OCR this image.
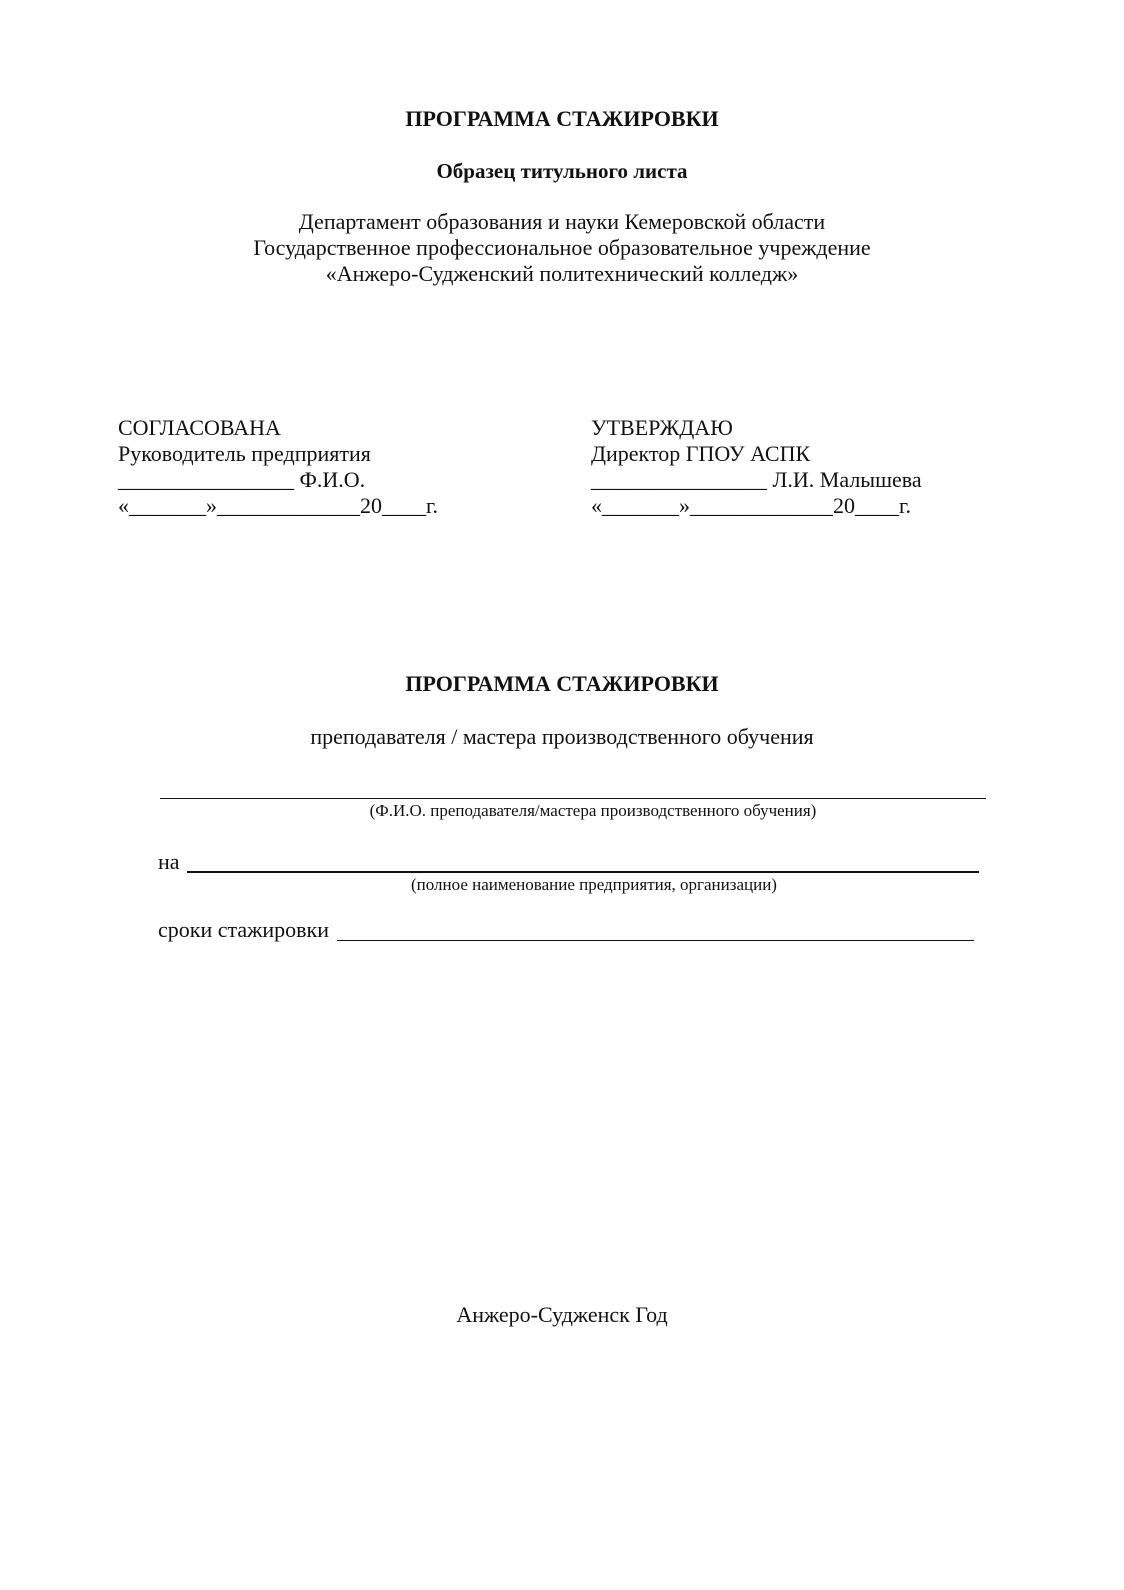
ПРОГРАММА СТАЖИРОВКИ
Образец титульного листа
Департамент образования и науки Кемеровской области
Государственное профессиональное образовательное учреждение
«Анжеро-Судженский политехнический колледж»
СОГЛАСОВАНА
Руководитель предприятия
________________ Ф.И.О.
«_______»_____________20____г.
УТВЕРЖДАЮ
Директор ГПОУ АСПК
________________ Л.И. Малышева
«_______»_____________20____г.
ПРОГРАММА СТАЖИРОВКИ
преподавателя / мастера производственного обучения
(Ф.И.О. преподавателя/мастера производственного обучения)
на
(полное наименование предприятия, организации)
сроки стажировки
Анжеро-Судженск Год
